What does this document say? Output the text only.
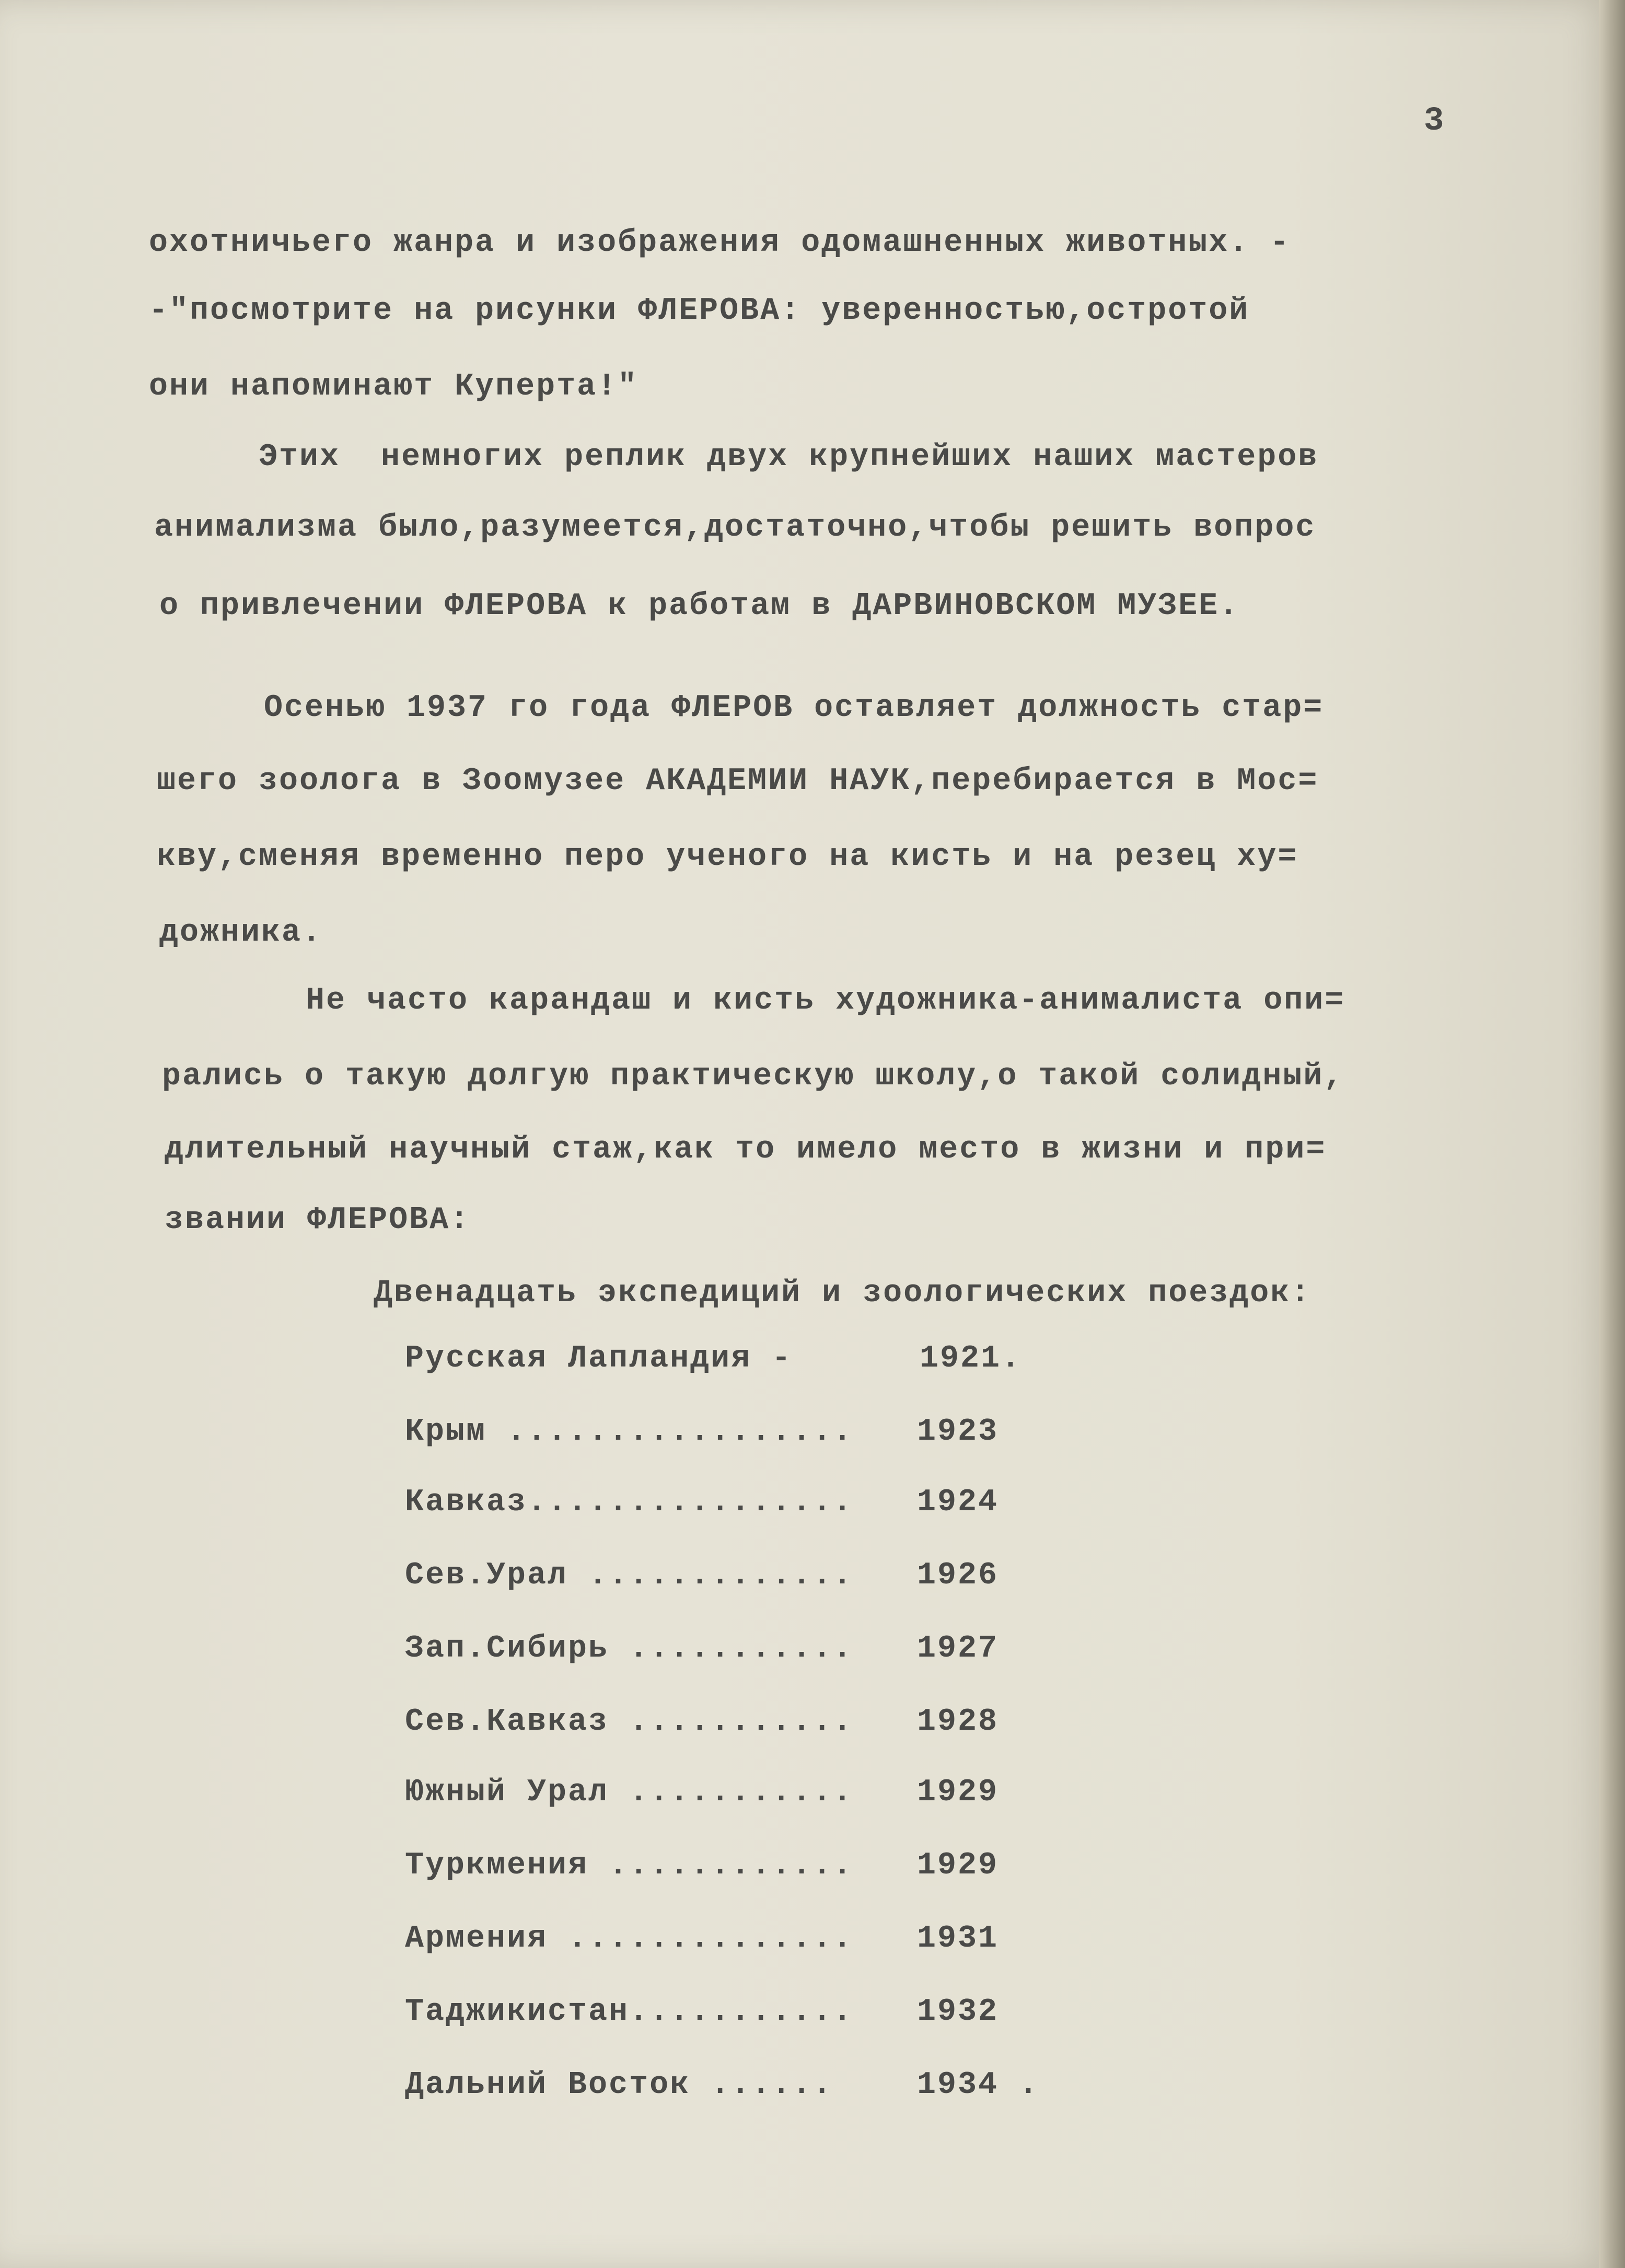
3
охотничьего жанра и изображения одомашненных животных. -
-"посмотрите на рисунки ФЛЕРОВА: уверенностью,остротой
они напоминают Куперта!"
Этих  немногих реплик двух крупнейших наших мастеров
анимализма было,разумеется,достаточно,чтобы решить вопрос
о привлечении ФЛЕРОВА к работам в ДАРВИНОВСКОМ МУЗЕЕ.
Осенью 1937 го года ФЛЕРОВ оставляет должность стар=
шего зоолога в Зоомузее АКАДЕМИИ НАУК,перебирается в Мос=
кву,сменяя временно перо ученого на кисть и на резец ху=
дожника.
Не часто карандаш и кисть художника-анималиста опи=
рались о такую долгую практическую школу,о такой солидный,
длительный научный стаж,как то имело место в жизни и при=
звании ФЛЕРОВА:
Двенадцать экспедиций и зоологических поездок:

Русская Лапландия -

	1921.

Крым .................

1923

Кавказ................

1924

Сев.Урал .............

1926

Зап.Сибирь ...........

1927

Сев.Кавказ ...........

1928

Южный Урал ...........

1929

Туркмения ............

1929

Армения ..............

1931

Таджикистан...........

1932

Дальний Восток ......

	1934 .
